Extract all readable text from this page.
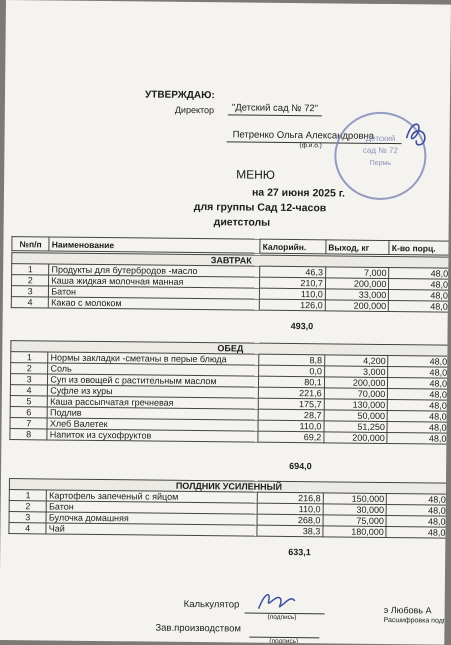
УТВЕРЖДАЮ:
Директор	"Детский сад № 72"
Петренко Ольга Александровна
(ф.и.о.)
Детский
сад № 72
Пермь
МЕНЮ
на 27 июня 2025 г.
для группы Сад 12-часов
диетстолы
№п/п	Наименование	Калорийн.	Выход, кг	К-во порц.
ЗАВТРАК				
1	Продукты для бутербродов -масло	46,3	7,000	48,0
2	Каша жидкая молочная манная	210,7	200,000	48,0
3	Батон	110,0	33,000	48,0
4	Какао с молоком	126,0	200,000	48,0
493,0
ОБЕД				
1	Нормы закладки -сметаны в перые блюда	8,8	4,200	48,0
2	Соль	0,0	3,000	48,0
3	Суп из овощей с растительным маслом	80,1	200,000	48,0
4	Суфле из куры	221,6	70,000	48,0
5	Каша рассыпчатая гречневая	175,7	130,000	48,0
6	Подлив	28,7	50,000	48,0
7	Хлеб Валетек	110,0	51,250	48,0
8	Напиток из сухофруктов	69,2	200,000	48,0
694,0
ПОЛДНИК УСИЛЕННЫЙ				
1	Картофель запеченый с яйцом	216,8	150,000	48,0
2	Батон	110,0	30,000	48,0
3	Булочка домашняя	268,0	75,000	48,0
4	Чай	38,3	180,000	48,0
633,1
Калькулятор
(подпись)
Зав.производством
(подпись)
э Любовь А
Расшифровка подп
